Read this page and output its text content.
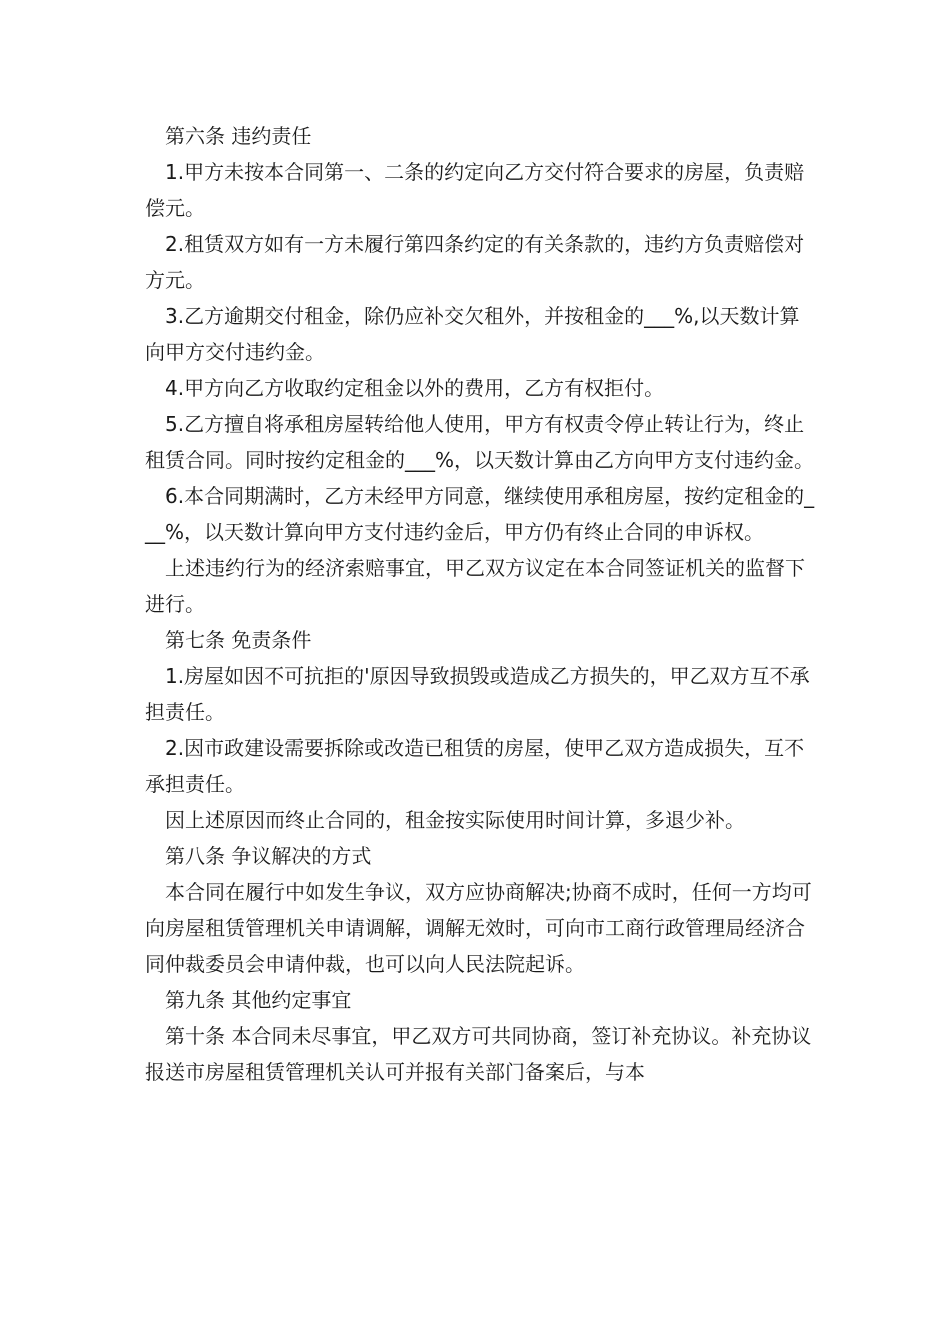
第六条 违约责任

1.甲方未按本合同第一、二条的约定向乙方交付符合要求的房屋，负责赔偿元。

2.租赁双方如有一方未履行第四条约定的有关条款的，违约方负责赔偿对方元。

3.乙方逾期交付租金，除仍应补交欠租外，并按租金的___%,以天数计算向甲方交付违约金。

4.甲方向乙方收取约定租金以外的费用，乙方有权拒付。

5.乙方擅自将承租房屋转给他人使用，甲方有权责令停止转让行为，终止租赁合同。同时按约定租金的___%，以天数计算由乙方向甲方支付违约金。

6.本合同期满时，乙方未经甲方同意，继续使用承租房屋，按约定租金的___%，以天数计算向甲方支付违约金后，甲方仍有终止合同的申诉权。

上述违约行为的经济索赔事宜，甲乙双方议定在本合同签证机关的监督下进行。

第七条 免责条件

1.房屋如因不可抗拒的'原因导致损毁或造成乙方损失的，甲乙双方互不承担责任。

2.因市政建设需要拆除或改造已租赁的房屋，使甲乙双方造成损失，互不承担责任。

因上述原因而终止合同的，租金按实际使用时间计算，多退少补。

第八条 争议解决的方式

本合同在履行中如发生争议，双方应协商解决;协商不成时，任何一方均可向房屋租赁管理机关申请调解，调解无效时，可向市工商行政管理局经济合同仲裁委员会申请仲裁，也可以向人民法院起诉。

第九条 其他约定事宜

第十条 本合同未尽事宜，甲乙双方可共同协商，签订补充协议。补充协议报送市房屋租赁管理机关认可并报有关部门备案后，与本
